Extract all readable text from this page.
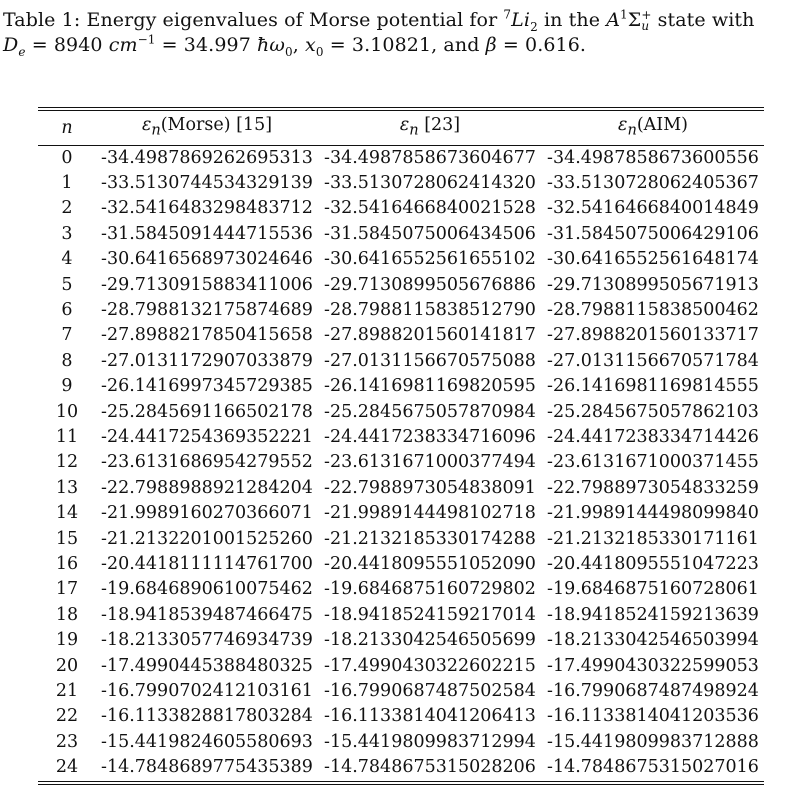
Table 1: Energy eigenvalues of Morse potential for $^7Li_2$ in the $A^1\Sigma$ +
u state with
$D_e = 8940$ $cm^{-1} = 34.997$ $ħ\omega_0$, $x_0 = 3.10821$, and β = 0.616.
n	$\varepsilon_n(Morse)$ [15]	$\varepsilon_n$ [23]	$\varepsilon_n(AIM)$
0	-34.4987869262695313	-34.4987858673604677	-34.4987858673600556
1	-33.5130744534329139	-33.5130728062414320	-33.5130728062405367
2	-32.5416483298483712	-32.5416466840021528	-32.5416466840014849
3	-31.5845091444715536	-31.5845075006434506	-31.5845075006429106
4	-30.6416568973024646	-30.6416552561655102	-30.6416552561648174
5	-29.7130915883411006	-29.7130899505676886	-29.7130899505671913
6	-28.7988132175874689	-28.7988115838512790	-28.7988115838500462
7	-27.8988217850415658	-27.8988201560141817	-27.8988201560133717
8	-27.0131172907033879	-27.0131156670575088	-27.0131156670571784
9	-26.1416997345729385	-26.1416981169820595	-26.1416981169814555
10	-25.2845691166502178	-25.2845675057870984	-25.2845675057862103
11	-24.4417254369352221	-24.4417238334716096	-24.4417238334714426
12	-23.6131686954279552	-23.6131671000377494	-23.6131671000371455
13	-22.7988988921284204	-22.7988973054838091	-22.7988973054833259
14	-21.9989160270366071	-21.9989144498102718	-21.9989144498099840
15	-21.2132201001525260	-21.2132185330174288	-21.2132185330171161
16	-20.4418111114761700	-20.4418095551052090	-20.4418095551047223
17	-19.6846890610075462	-19.6846875160729802	-19.6846875160728061
18	-18.9418539487466475	-18.9418524159217014	-18.9418524159213639
19	-18.2133057746934739	-18.2133042546505699	-18.2133042546503994
20	-17.4990445388480325	-17.4990430322602215	-17.4990430322599053
21	-16.7990702412103161	-16.7990687487502584	-16.7990687487498924
22	-16.1133828817803284	-16.1133814041206413	-16.1133814041203536
23	-15.4419824605580693	-15.4419809983712994	-15.4419809983712888
24	-14.7848689775435389	-14.7848675315028206	-14.7848675315027016
